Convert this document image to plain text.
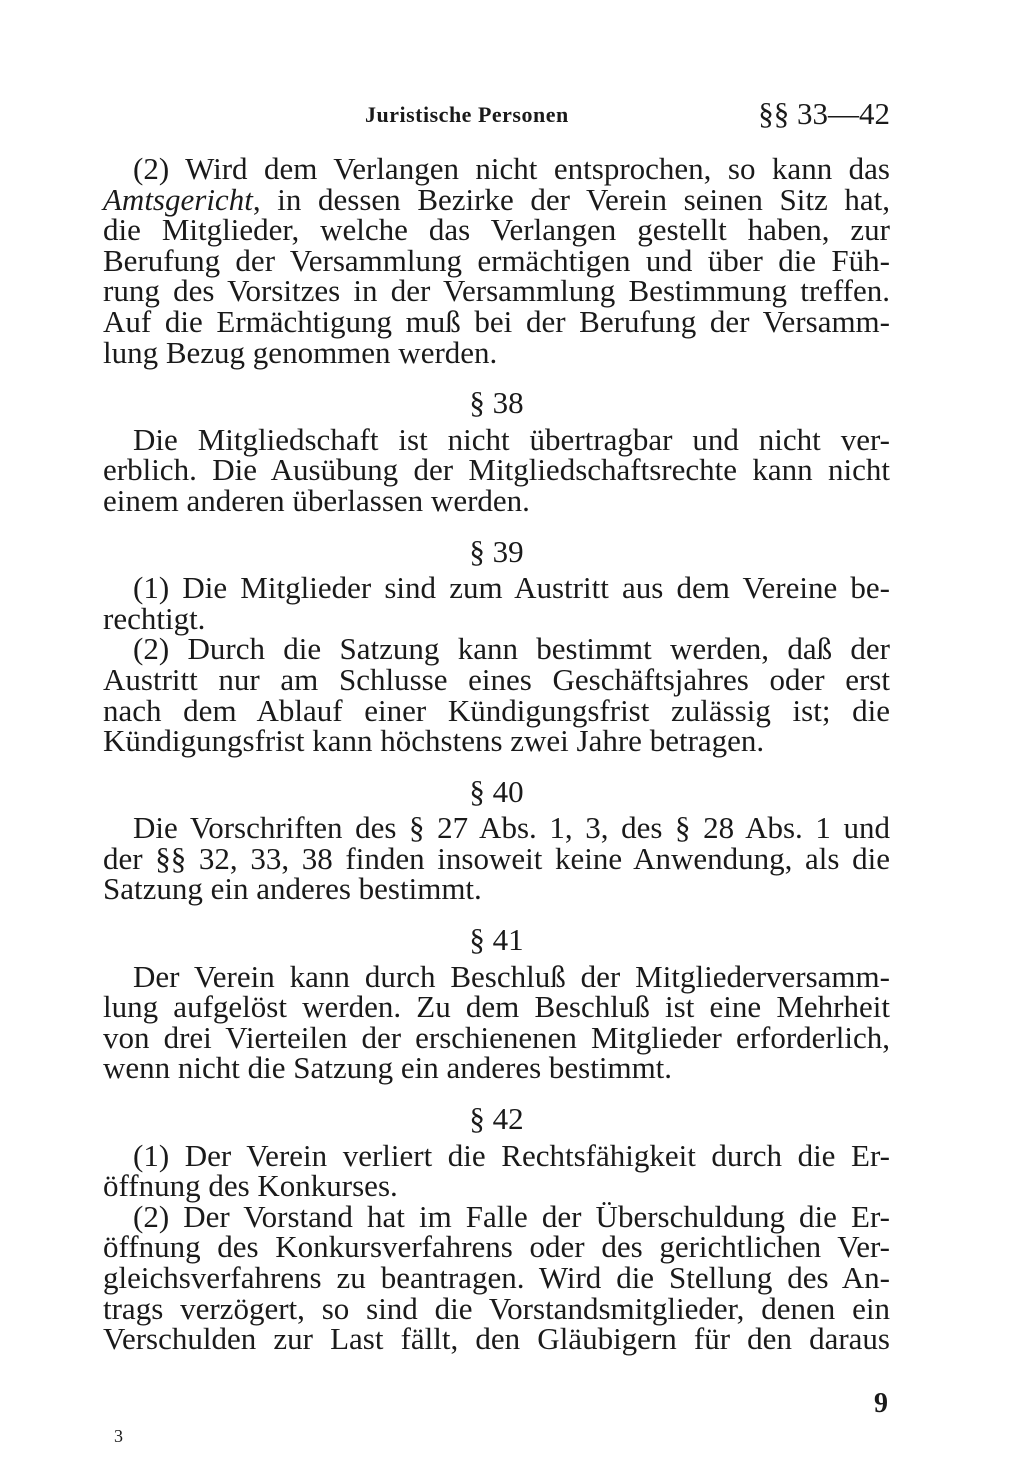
Juristische Personen	§§ 33—42
(2) Wird dem Verlangen nicht entsprochen, so kann das
Amtsgericht, in dessen Bezirke der Verein seinen Sitz hat,
die Mitglieder, welche das Verlangen gestellt haben, zur
Berufung der Versammlung ermächtigen und über die Füh-
rung des Vorsitzes in der Versammlung Bestimmung treffen.
Auf die Ermächtigung muß bei der Berufung der Versamm-
lung Bezug genommen werden.
§ 38
Die Mitgliedschaft ist nicht übertragbar und nicht ver-
erblich. Die Ausübung der Mitgliedschaftsrechte kann nicht
einem anderen überlassen werden.
§ 39
(1) Die Mitglieder sind zum Austritt aus dem Vereine be-
rechtigt.
(2) Durch die Satzung kann bestimmt werden, daß der
Austritt nur am Schlusse eines Geschäftsjahres oder erst
nach dem Ablauf einer Kündigungsfrist zulässig ist; die
Kündigungsfrist kann höchstens zwei Jahre betragen.
§ 40
Die Vorschriften des § 27 Abs. 1, 3, des § 28 Abs. 1 und
der §§ 32, 33, 38 finden insoweit keine Anwendung, als die
Satzung ein anderes bestimmt.
§ 41
Der Verein kann durch Beschluß der Mitgliederversamm-
lung aufgelöst werden. Zu dem Beschluß ist eine Mehrheit
von drei Vierteilen der erschienenen Mitglieder erforderlich,
wenn nicht die Satzung ein anderes bestimmt.
§ 42
(1) Der Verein verliert die Rechtsfähigkeit durch die Er-
öffnung des Konkurses.
(2) Der Vorstand hat im Falle der Überschuldung die Er-
öffnung des Konkursverfahrens oder des gerichtlichen Ver-
gleichsverfahrens zu beantragen. Wird die Stellung des An-
trags verzögert, so sind die Vorstandsmitglieder, denen ein
Verschulden zur Last fällt, den Gläubigern für den daraus
9
3
